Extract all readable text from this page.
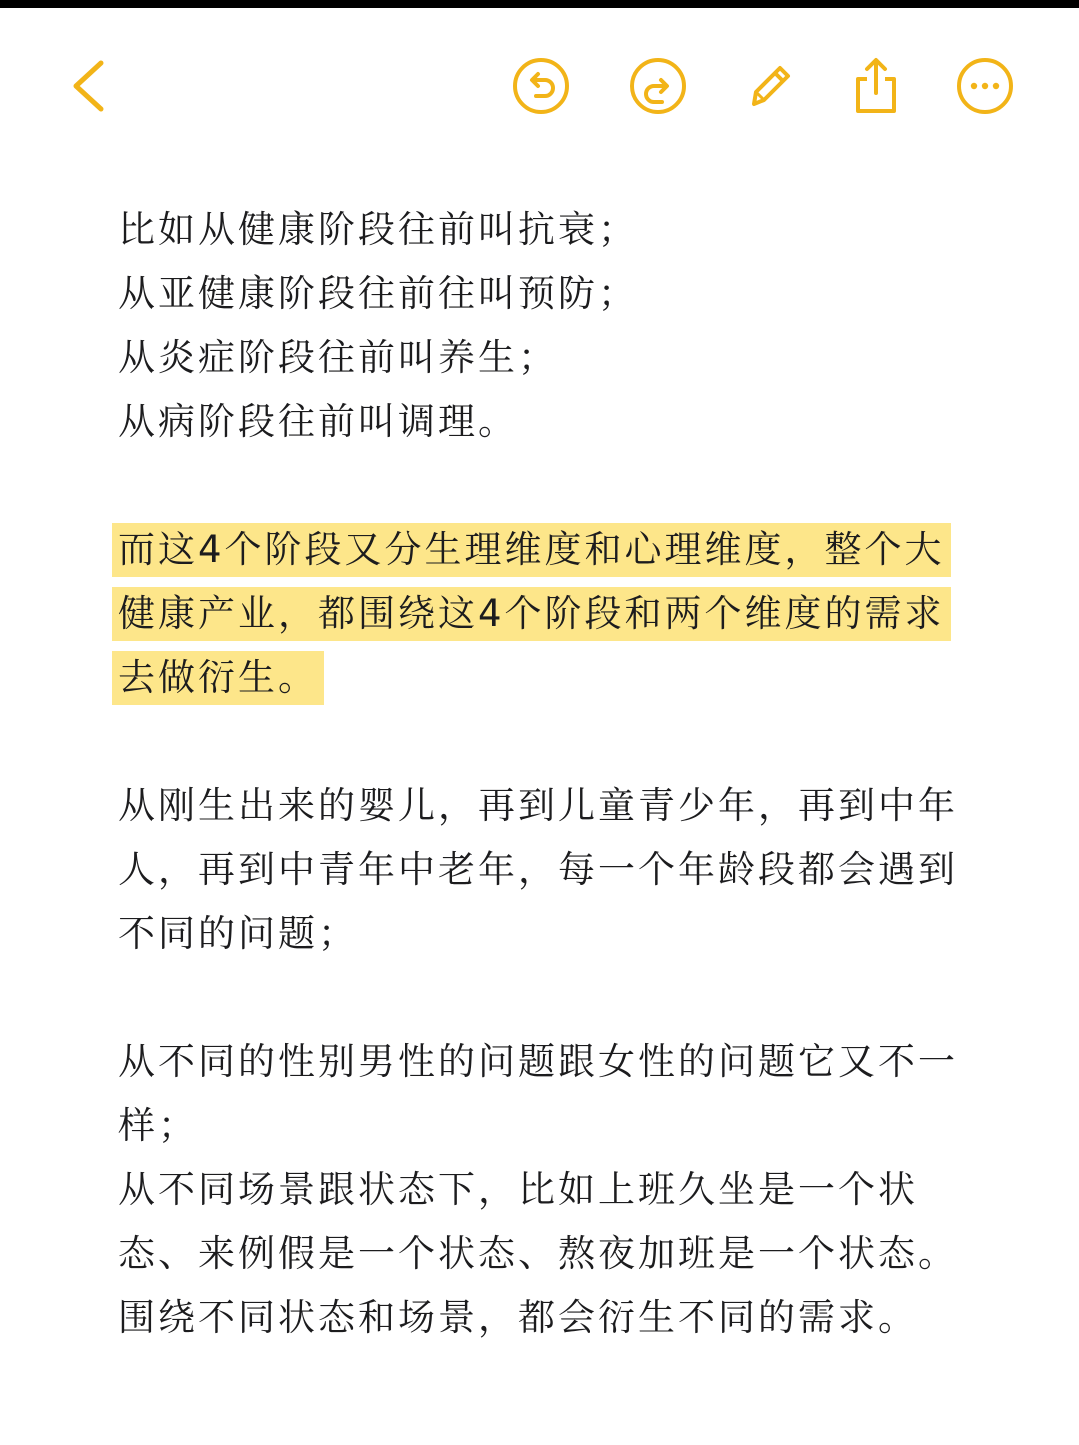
比如从健康阶段往前叫抗衰；
从亚健康阶段往前往叫预防；
从炎症阶段往前叫养生；
从病阶段往前叫调理。
而这4个阶段又分生理维度和心理维度，整个大
健康产业，都围绕这4个阶段和两个维度的需求
去做衍生。
从刚生出来的婴儿，再到儿童青少年，再到中年
人，再到中青年中老年，每一个年龄段都会遇到
不同的问题；
从不同的性别男性的问题跟女性的问题它又不一
样；
从不同场景跟状态下，比如上班久坐是一个状
态、来例假是一个状态、熬夜加班是一个状态。
围绕不同状态和场景，都会衍生不同的需求。
